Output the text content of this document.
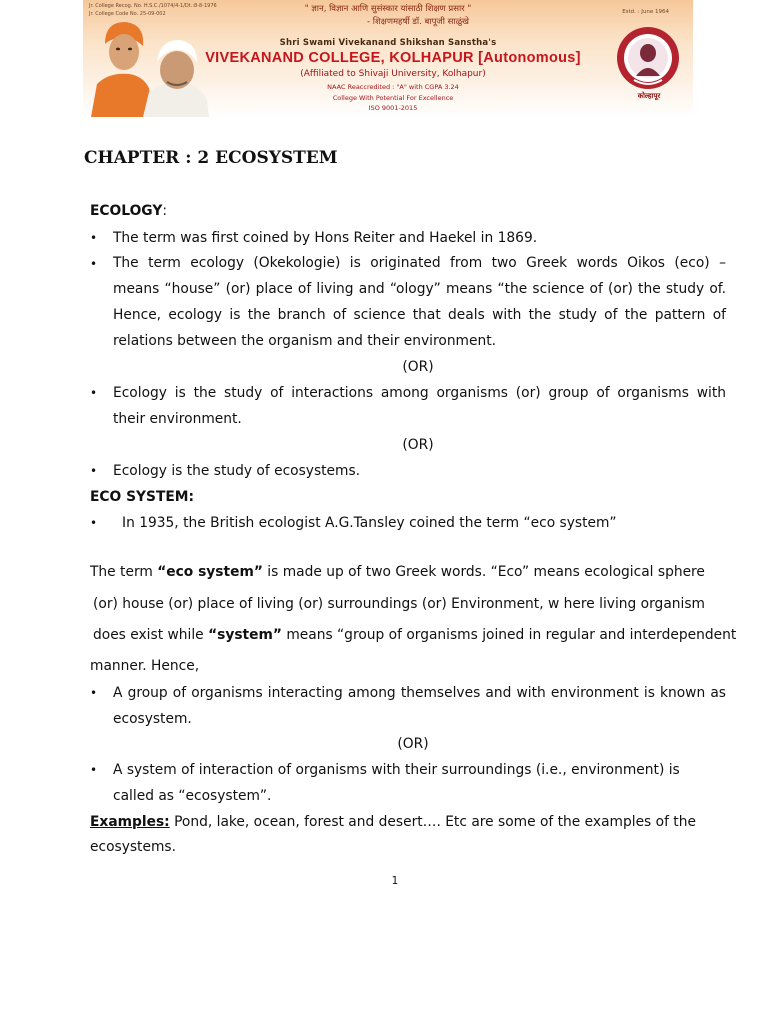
Jr. College Recog. No. H.S.C./1074/4-1/Dt.:8-8-1976
Jr. College Code No. 25-09-002	Estd. : June 1964
" ज्ञान, विज्ञान आणि सुसंस्कार यांसाठी शिक्षण प्रसार "
- शिक्षणमहर्षी डॉ. बापूजी साळुंखे
Shri Swami Vivekanand Shikshan Sanstha's
VIVEKANAND COLLEGE, KOLHAPUR [Autonomous]
(Affiliated to Shivaji University, Kolhapur)
NAAC Reaccredited : "A" with CGPA 3.24
College With Potential For Excellence
ISO 9001-2015
कोल्हापूर
CHAPTER : 2 ECOSYSTEM
ECOLOGY:
• The term was first coined by Hons Reiter and Haekel in 1869.
• The term ecology (Okekologie) is originated from two Greek words Oikos (eco) –
means “house” (or) place of living and “ology” means “the science of (or) the study of.
Hence, ecology is the branch of science that deals with the study of the pattern of
relations between the organism and their environment.
(OR)
• Ecology is the study of interactions among organisms (or) group of organisms with
their environment.
(OR)
• Ecology is the study of ecosystems.
ECO SYSTEM:
• In 1935, the British ecologist A.G.Tansley coined the term “eco system”
The term “eco system” is made up of two Greek words. “Eco” means ecological sphere
(or) house (or) place of living (or) surroundings (or) Environment, w here living organism
does exist while “system” means “group of organisms joined in regular and interdependent
manner. Hence,
• A group of organisms interacting among themselves and with environment is known as
ecosystem.
(OR)
• A system of interaction of organisms with their surroundings (i.e., environment) is
called as “ecosystem”.
Examples: Pond, lake, ocean, forest and desert…. Etc are some of the examples of the
ecosystems.
1
